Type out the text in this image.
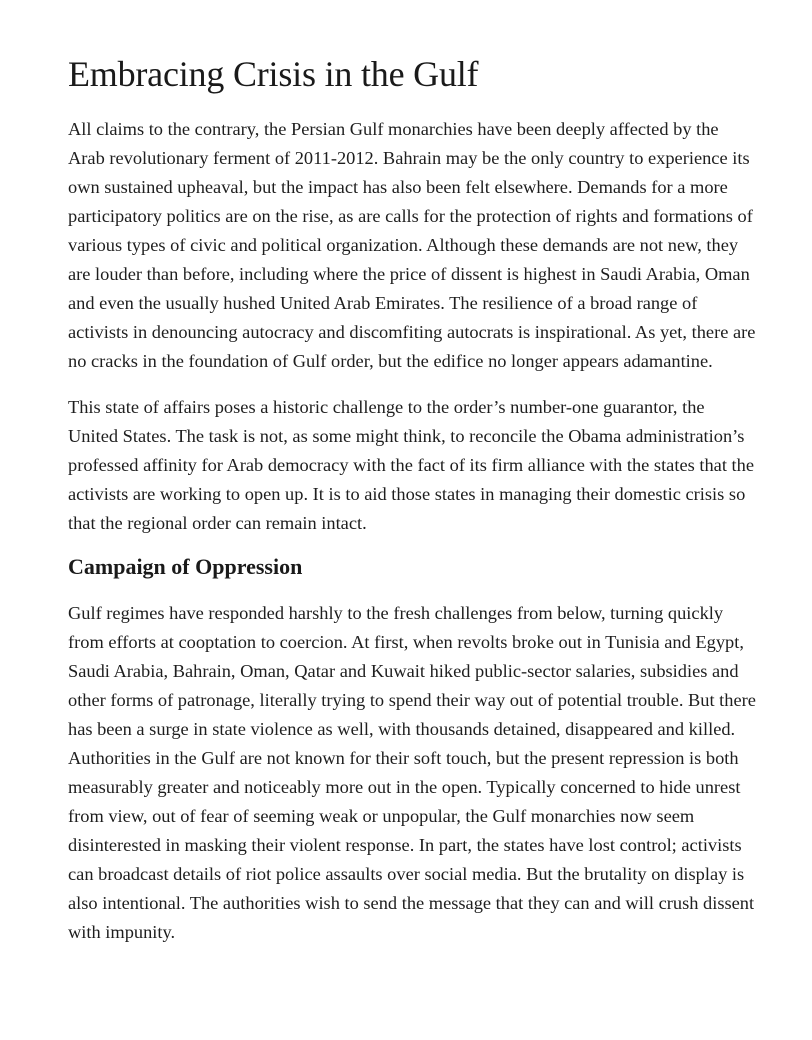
Embracing Crisis in the Gulf

All claims to the contrary, the Persian Gulf monarchies have been deeply affected by the Arab revolutionary ferment of 2011-2012. Bahrain may be the only country to experience its own sustained upheaval, but the impact has also been felt elsewhere. Demands for a more participatory politics are on the rise, as are calls for the protection of rights and formations of various types of civic and political organization. Although these demands are not new, they are louder than before, including where the price of dissent is highest in Saudi Arabia, Oman and even the usually hushed United Arab Emirates. The resilience of a broad range of activists in denouncing autocracy and discomfiting autocrats is inspirational. As yet, there are no cracks in the foundation of Gulf order, but the edifice no longer appears adamantine.

This state of affairs poses a historic challenge to the order’s number-one guarantor, the United States. The task is not, as some might think, to reconcile the Obama administration’s professed affinity for Arab democracy with the fact of its firm alliance with the states that the activists are working to open up. It is to aid those states in managing their domestic crisis so that the regional order can remain intact.

Campaign of Oppression

Gulf regimes have responded harshly to the fresh challenges from below, turning quickly from efforts at cooptation to coercion. At first, when revolts broke out in Tunisia and Egypt, Saudi Arabia, Bahrain, Oman, Qatar and Kuwait hiked public-sector salaries, subsidies and other forms of patronage, literally trying to spend their way out of potential trouble. But there has been a surge in state violence as well, with thousands detained, disappeared and killed. Authorities in the Gulf are not known for their soft touch, but the present repression is both measurably greater and noticeably more out in the open. Typically concerned to hide unrest from view, out of fear of seeming weak or unpopular, the Gulf monarchies now seem disinterested in masking their violent response. In part, the states have lost control; activists can broadcast details of riot police assaults over social media. But the brutality on display is also intentional. The authorities wish to send the message that they can and will crush dissent with impunity.
